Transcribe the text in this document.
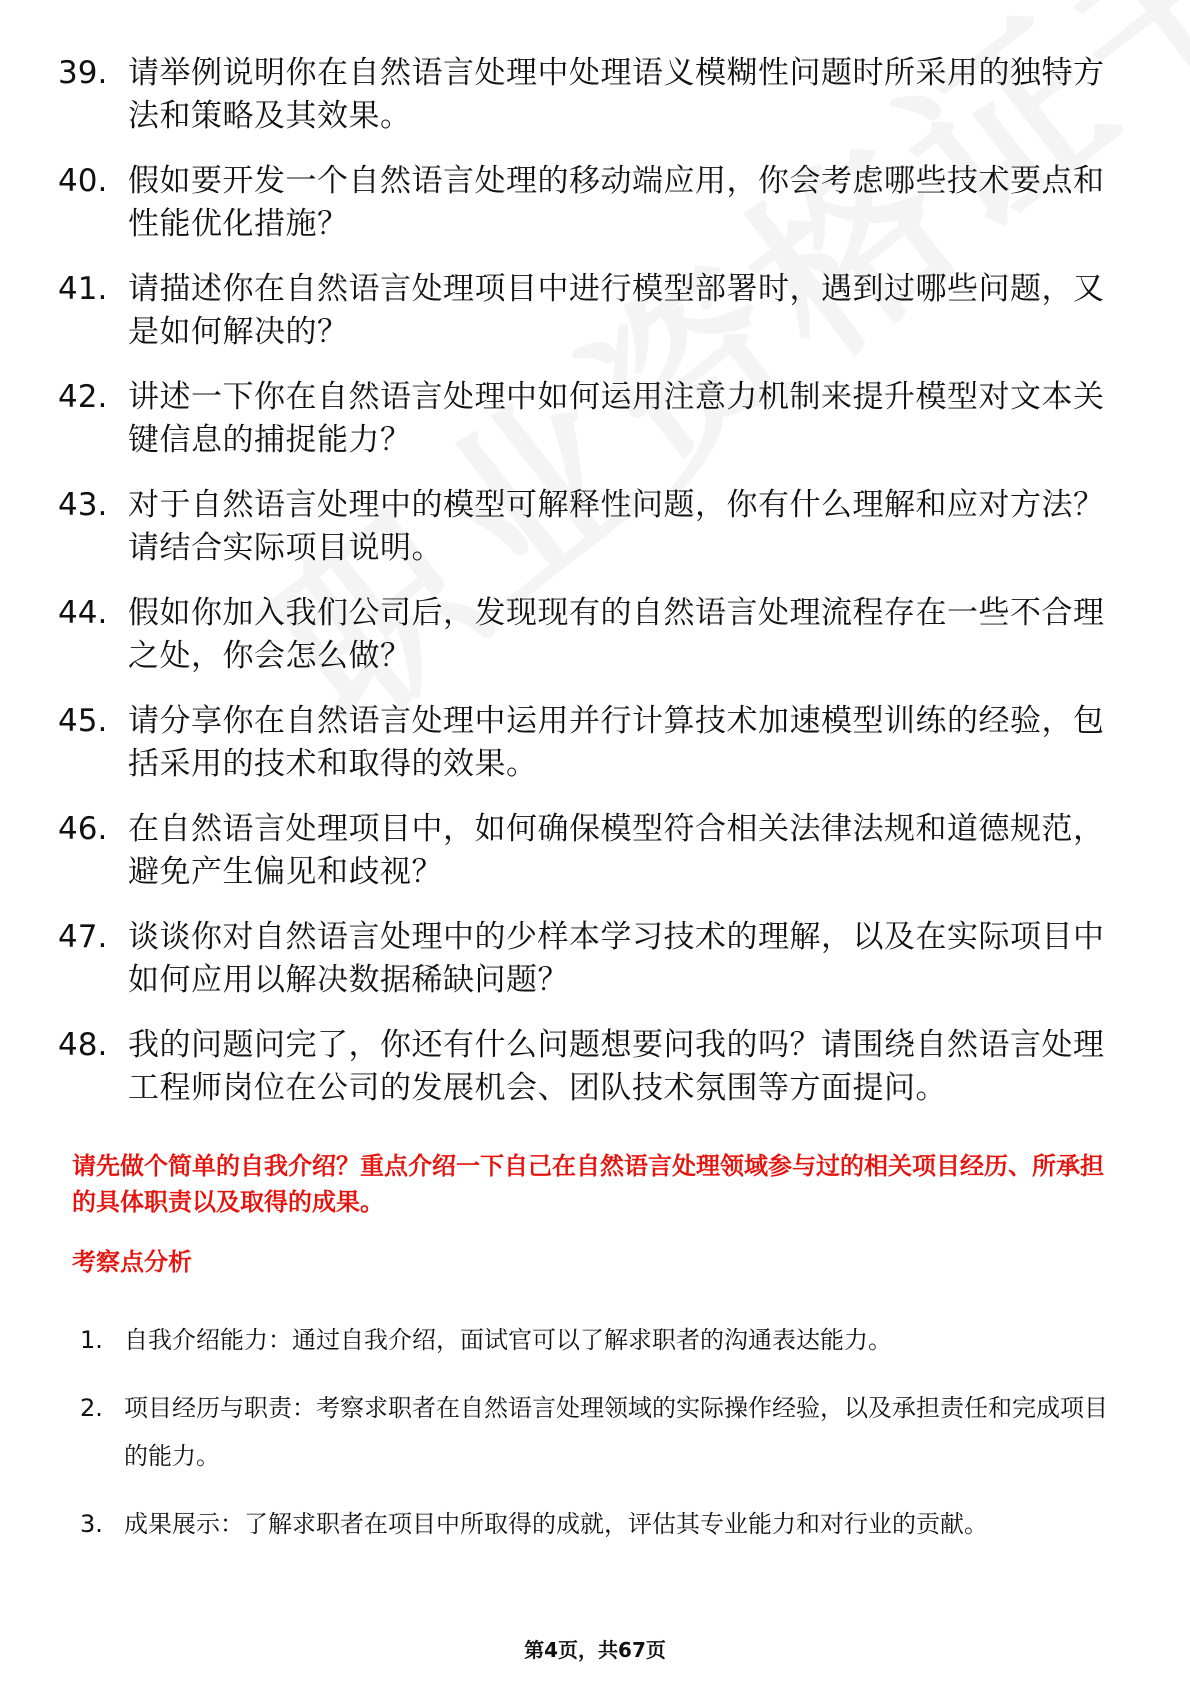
39. 请举例说明你在自然语言处理中处理语义模糊性问题时所采用的独特方法和策略及其效果。
40. 假如要开发一个自然语言处理的移动端应用，你会考虑哪些技术要点和性能优化措施？
41. 请描述你在自然语言处理项目中进行模型部署时，遇到过哪些问题，又是如何解决的？
42. 讲述一下你在自然语言处理中如何运用注意力机制来提升模型对文本关键信息的捕捉能力？
43. 对于自然语言处理中的模型可解释性问题，你有什么理解和应对方法？请结合实际项目说明。
44. 假如你加入我们公司后，发现现有的自然语言处理流程存在一些不合理之处，你会怎么做？
45. 请分享你在自然语言处理中运用并行计算技术加速模型训练的经验，包括采用的技术和取得的效果。
46. 在自然语言处理项目中，如何确保模型符合相关法律法规和道德规范，避免产生偏见和歧视？
47. 谈谈你对自然语言处理中的少样本学习技术的理解，以及在实际项目中如何应用以解决数据稀缺问题？
48. 我的问题问完了，你还有什么问题想要问我的吗？请围绕自然语言处理工程师岗位在公司的发展机会、团队技术氛围等方面提问。
请先做个简单的自我介绍？重点介绍一下自己在自然语言处理领域参与过的相关项目经历、所承担的具体职责以及取得的成果。
考察点分析
1. 自我介绍能力：通过自我介绍，面试官可以了解求职者的沟通表达能力。
2. 项目经历与职责：考察求职者在自然语言处理领域的实际操作经验，以及承担责任和完成项目的能力。
3. 成果展示：了解求职者在项目中所取得的成就，评估其专业能力和对行业的贡献。
第4页，共67页
